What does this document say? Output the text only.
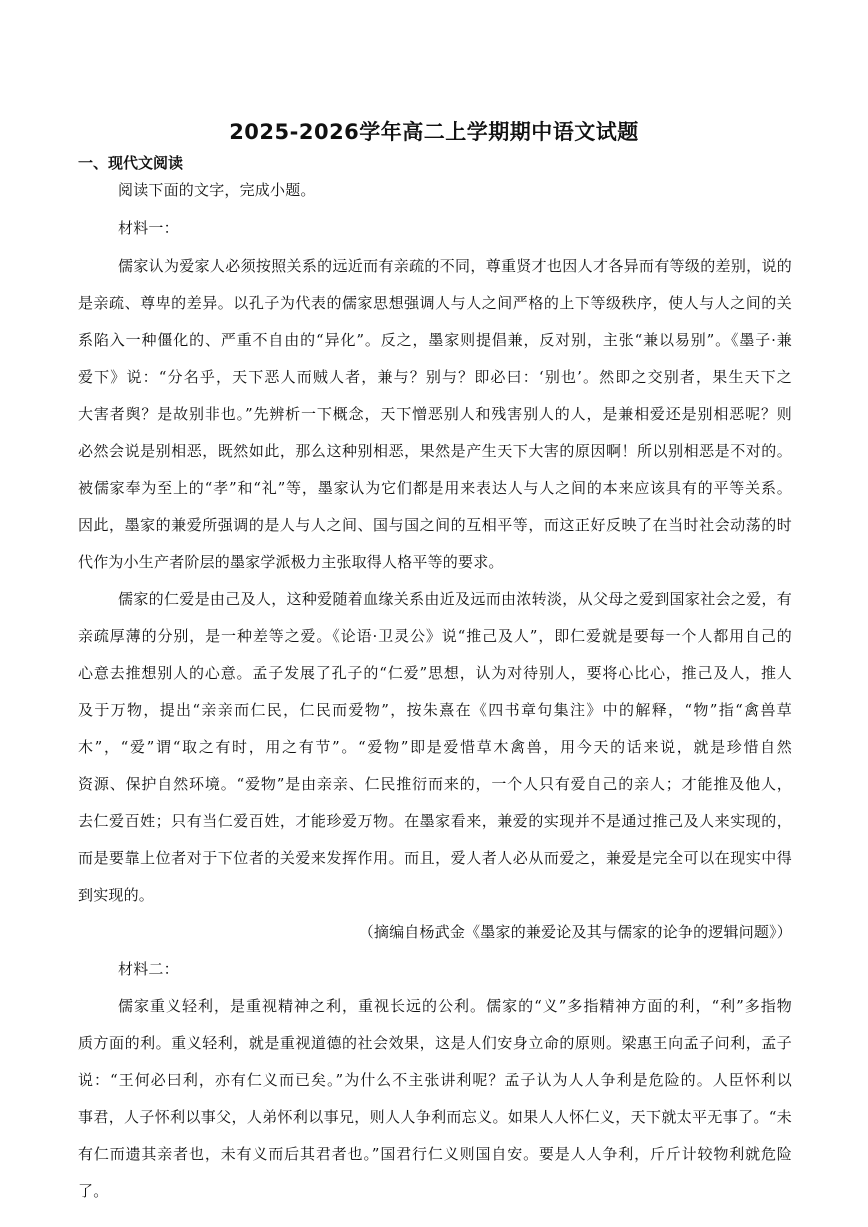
2025-2026学年高二上学期期中语文试题
一、现代文阅读
阅读下面的文字，完成小题。
材料一：
儒家认为爱家人必须按照关系的远近而有亲疏的不同，尊重贤才也因人才各异而有等级的差别，说的
是亲疏、尊卑的差异。以孔子为代表的儒家思想强调人与人之间严格的上下等级秩序，使人与人之间的关
系陷入一种僵化的、严重不自由的“异化”。反之，墨家则提倡兼，反对别，主张“兼以易别”。《墨子·兼
爱下》说：“分名乎，天下恶人而贼人者，兼与？别与？即必曰：‘别也’。然即之交别者，果生天下之
大害者舆？是故别非也。”先辨析一下概念，天下憎恶别人和残害别人的人，是兼相爱还是别相恶呢？则
必然会说是别相恶，既然如此，那么这种别相恶，果然是产生天下大害的原因啊！所以别相恶是不对的。
被儒家奉为至上的“孝”和“礼”等，墨家认为它们都是用来表达人与人之间的本来应该具有的平等关系。
因此，墨家的兼爱所强调的是人与人之间、国与国之间的互相平等，而这正好反映了在当时社会动荡的时
代作为小生产者阶层的墨家学派极力主张取得人格平等的要求。
儒家的仁爱是由己及人，这种爱随着血缘关系由近及远而由浓转淡，从父母之爱到国家社会之爱，有
亲疏厚薄的分别，是一种差等之爱。《论语·卫灵公》说“推己及人”，即仁爱就是要每一个人都用自己的
心意去推想别人的心意。孟子发展了孔子的“仁爱”思想，认为对待别人，要将心比心，推己及人，推人
及于万物，提出“亲亲而仁民，仁民而爱物”，按朱熹在《四书章句集注》中的解释，“物”指“禽兽草
木”，“爱”谓“取之有时，用之有节”。“爱物”即是爱惜草木禽兽，用今天的话来说，就是珍惜自然
资源、保护自然环境。“爱物”是由亲亲、仁民推衍而来的，一个人只有爱自己的亲人；才能推及他人，
去仁爱百姓；只有当仁爱百姓，才能珍爱万物。在墨家看来，兼爱的实现并不是通过推己及人来实现的，
而是要靠上位者对于下位者的关爱来发挥作用。而且，爱人者人必从而爱之，兼爱是完全可以在现实中得
到实现的。
（摘编自杨武金《墨家的兼爱论及其与儒家的论争的逻辑问题》）
材料二：
儒家重义轻利，是重视精神之利，重视长远的公利。儒家的“义”多指精神方面的利，“利”多指物
质方面的利。重义轻利，就是重视道德的社会效果，这是人们安身立命的原则。梁惠王向孟子问利，孟子
说：“王何必曰利，亦有仁义而已矣。”为什么不主张讲利呢？孟子认为人人争利是危险的。人臣怀利以
事君，人子怀利以事父，人弟怀利以事兄，则人人争利而忘义。如果人人怀仁义，天下就太平无事了。“未
有仁而遗其亲者也，未有义而后其君者也。”国君行仁义则国自安。要是人人争利，斤斤计较物利就危险
了。
